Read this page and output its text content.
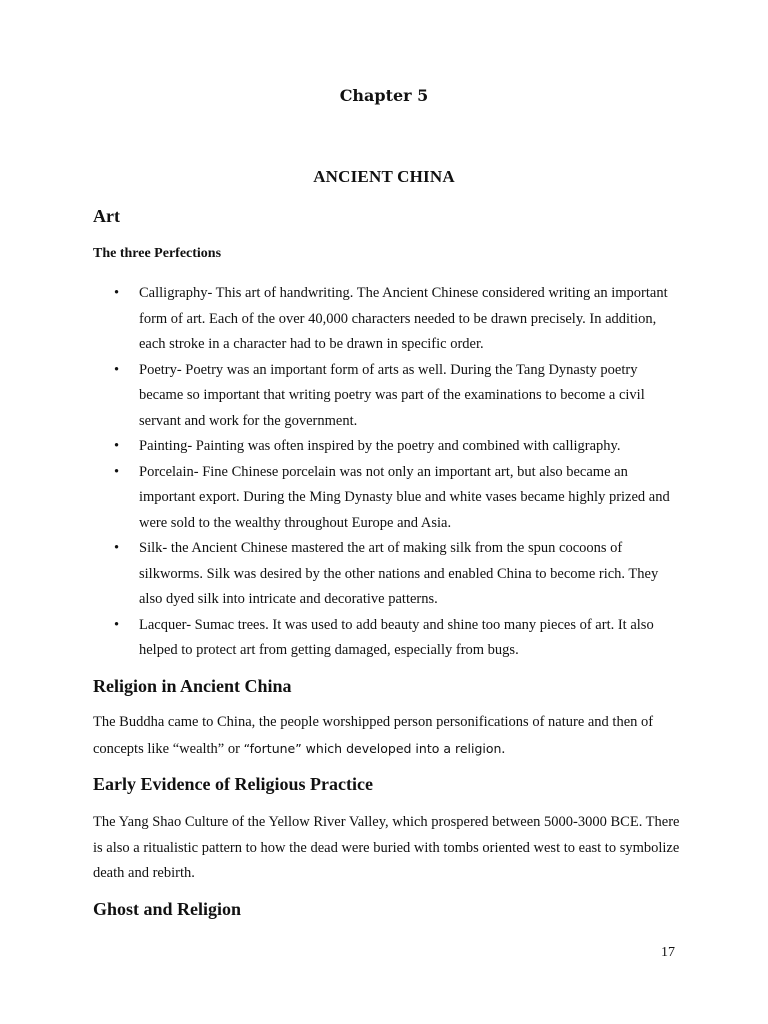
Chapter 5
ANCIENT CHINA
Art
The three Perfections
• Calligraphy- This art of handwriting. The Ancient Chinese considered writing an important form of art. Each of the over 40,000 characters needed to be drawn precisely. In addition, each stroke in a character had to be drawn in specific order.
• Poetry- Poetry was an important form of arts as well. During the Tang Dynasty poetry became so important that writing poetry was part of the examinations to become a civil servant and work for the government.
• Painting- Painting was often inspired by the poetry and combined with calligraphy.
• Porcelain- Fine Chinese porcelain was not only an important art, but also became an important export. During the Ming Dynasty blue and white vases became highly prized and were sold to the wealthy throughout Europe and Asia.
• Silk- the Ancient Chinese mastered the art of making silk from the spun cocoons of silkworms. Silk was desired by the other nations and enabled China to become rich. They also dyed silk into intricate and decorative patterns.
• Lacquer- Sumac trees. It was used to add beauty and shine too many pieces of art. It also helped to protect art from getting damaged, especially from bugs.
Religion in Ancient China
The Buddha came to China, the people worshipped person personifications of nature and then of concepts like “wealth” or “fortune” which developed into a religion.
Early Evidence of Religious Practice
The Yang Shao Culture of the Yellow River Valley, which prospered between 5000-3000 BCE. There is also a ritualistic pattern to how the dead were buried with tombs oriented west to east to symbolize death and rebirth.
Ghost and Religion
17
